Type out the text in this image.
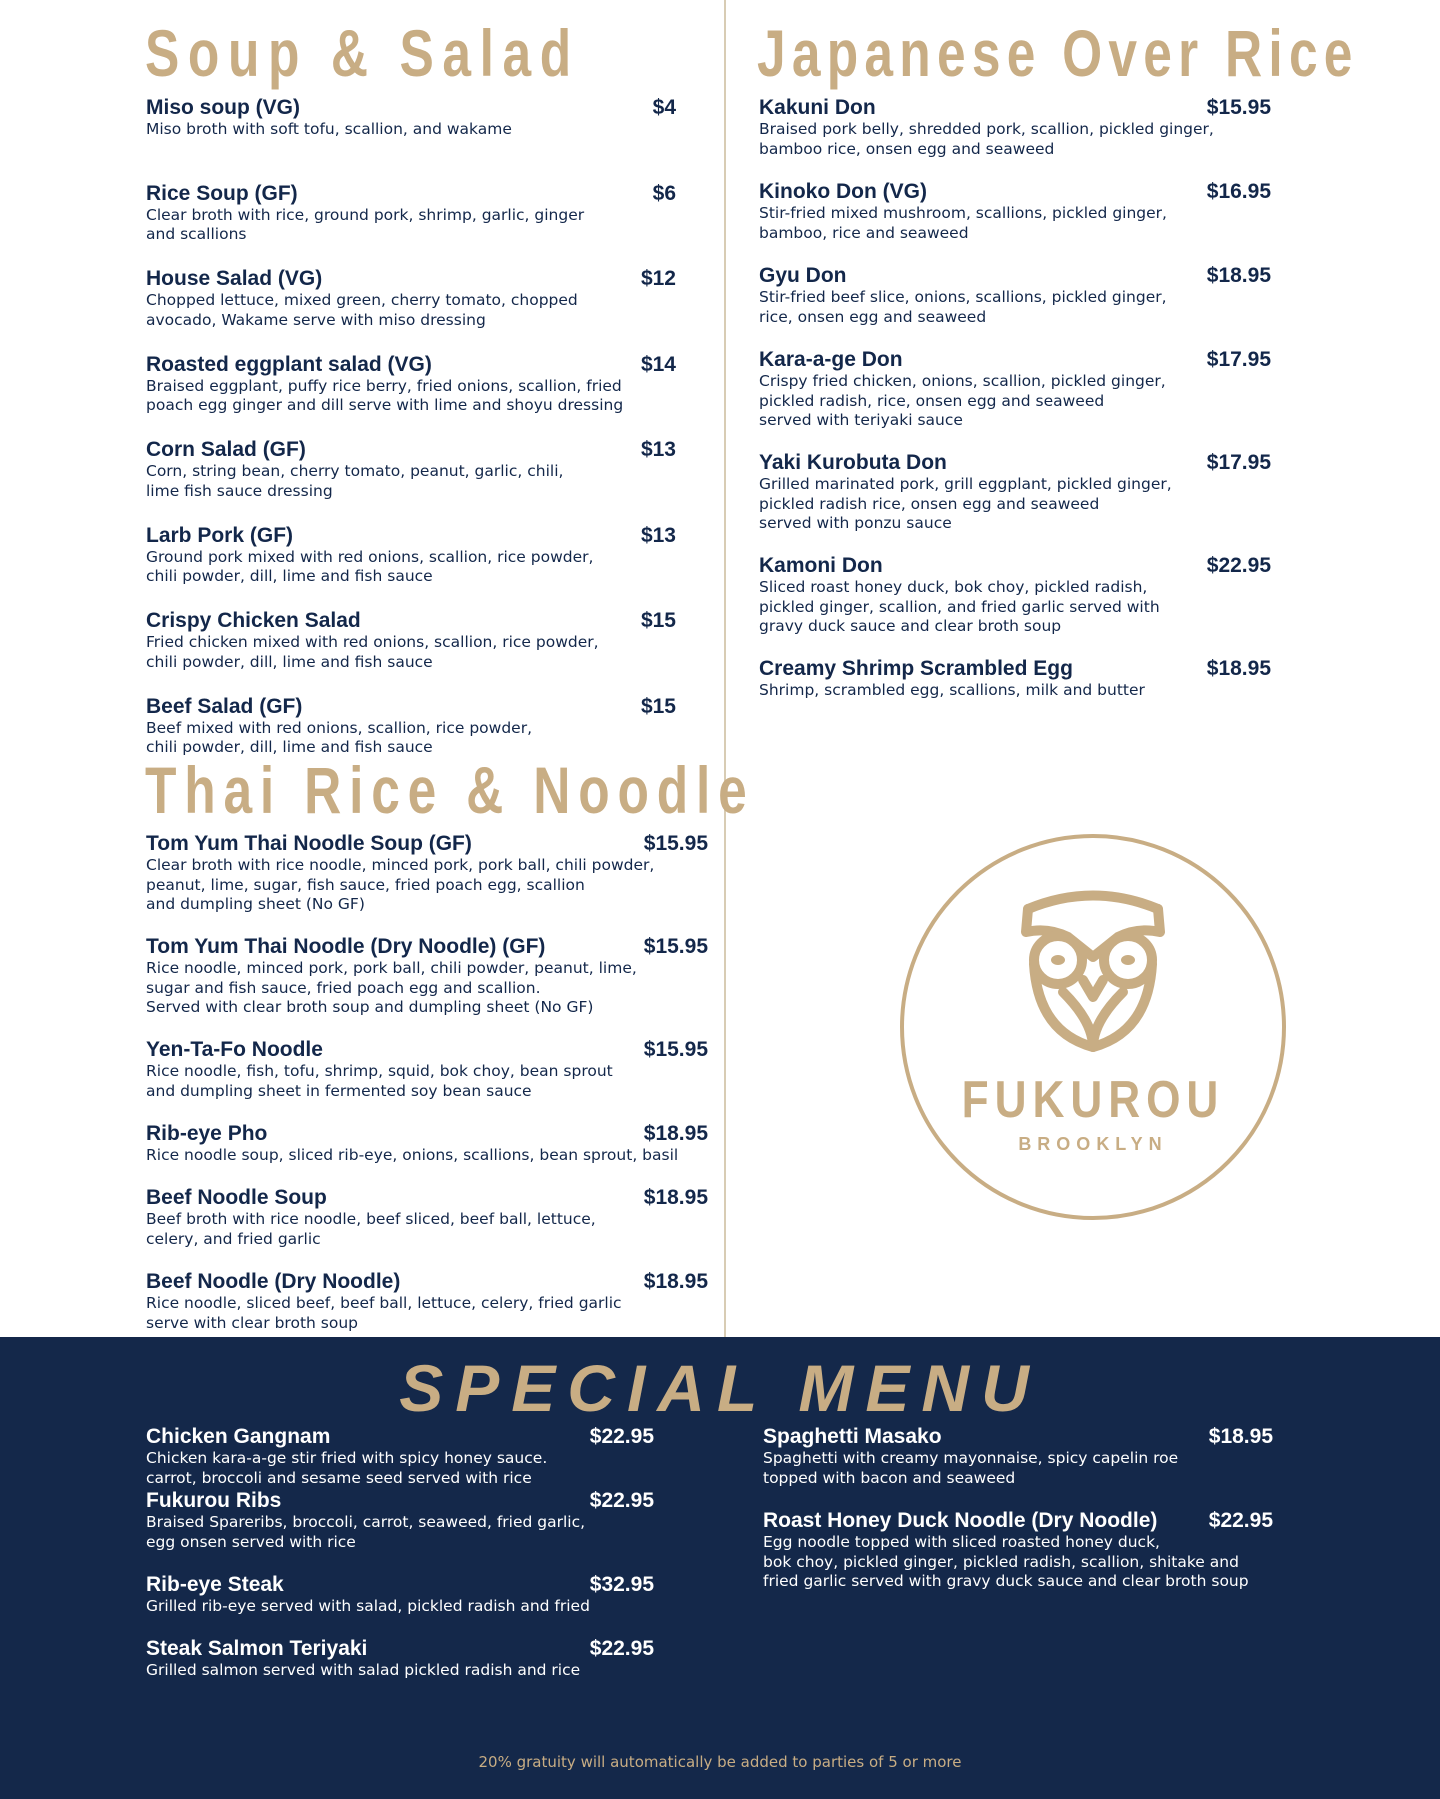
Soup & Salad	Japanese Over Rice
Thai Rice & Noodle
Miso soup (VG)	$4
Miso broth with soft tofu, scallion, and wakame
Rice Soup (GF)	$6
Clear broth with rice, ground pork, shrimp, garlic, ginger
and scallions
House Salad (VG)	$12
Chopped lettuce, mixed green, cherry tomato, chopped
avocado, Wakame serve with miso dressing
Roasted eggplant salad (VG)	$14
Braised eggplant, puffy rice berry, fried onions, scallion, fried
poach egg ginger and dill serve with lime and shoyu dressing
Corn Salad (GF)	$13
Corn, string bean, cherry tomato, peanut, garlic, chili,
lime fish sauce dressing
Larb Pork (GF)	$13
Ground pork mixed with red onions, scallion, rice powder,
chili powder, dill, lime and fish sauce
Crispy Chicken Salad	$15
Fried chicken mixed with red onions, scallion, rice powder,
chili powder, dill, lime and fish sauce
Beef Salad (GF)	$15
Beef mixed with red onions, scallion, rice powder,
chili powder, dill, lime and fish sauce
Kakuni Don	$15.95
Braised pork belly, shredded pork, scallion, pickled ginger,
bamboo rice, onsen egg and seaweed
Kinoko Don (VG)	$16.95
Stir-fried mixed mushroom, scallions, pickled ginger,
bamboo, rice and seaweed
Gyu Don	$18.95
Stir-fried beef slice, onions, scallions, pickled ginger,
rice, onsen egg and seaweed
Kara-a-ge Don	$17.95
Crispy fried chicken, onions, scallion, pickled ginger,
pickled radish, rice, onsen egg and seaweed
served with teriyaki sauce
Yaki Kurobuta Don	$17.95
Grilled marinated pork, grill eggplant, pickled ginger,
pickled radish rice, onsen egg and seaweed
served with ponzu sauce
Kamoni Don	$22.95
Sliced roast honey duck, bok choy, pickled radish,
pickled ginger, scallion, and fried garlic served with
gravy duck sauce and clear broth soup
Creamy Shrimp Scrambled Egg	$18.95
Shrimp, scrambled egg, scallions, milk and butter
Tom Yum Thai Noodle Soup (GF)	$15.95
Clear broth with rice noodle, minced pork, pork ball, chili powder,
peanut, lime, sugar, fish sauce, fried poach egg, scallion
and dumpling sheet (No GF)
Tom Yum Thai Noodle (Dry Noodle) (GF)	$15.95
Rice noodle, minced pork, pork ball, chili powder, peanut, lime,
sugar and fish sauce, fried poach egg and scallion.
Served with clear broth soup and dumpling sheet (No GF)
Yen-Ta-Fo Noodle	$15.95
Rice noodle, fish, tofu, shrimp, squid, bok choy, bean sprout
and dumpling sheet in fermented soy bean sauce
Rib-eye Pho	$18.95
Rice noodle soup, sliced rib-eye, onions, scallions, bean sprout, basil
Beef Noodle Soup	$18.95
Beef broth with rice noodle, beef sliced, beef ball, lettuce,
celery, and fried garlic
Beef Noodle (Dry Noodle)	$18.95
Rice noodle, sliced beef, beef ball, lettuce, celery, fried garlic
serve with clear broth soup
FUKUROU
BROOKLYN
SPECIAL MENU
Chicken Gangnam	$22.95
Chicken kara-a-ge stir fried with spicy honey sauce.
carrot, broccoli and sesame seed served with rice
Fukurou Ribs	$22.95
Braised Spareribs, broccoli, carrot, seaweed, fried garlic,
egg onsen served with rice
Rib-eye Steak	$32.95
Grilled rib-eye served with salad, pickled radish and fried
Steak Salmon Teriyaki	$22.95
Grilled salmon served with salad pickled radish and rice
Spaghetti Masako	$18.95
Spaghetti with creamy mayonnaise, spicy capelin roe
topped with bacon and seaweed
Roast Honey Duck Noodle (Dry Noodle) $22.95
Egg noodle topped with sliced roasted honey duck,
bok choy, pickled ginger, pickled radish, scallion, shitake and
fried garlic served with gravy duck sauce and clear broth soup
20% gratuity will automatically be added to parties of 5 or more
